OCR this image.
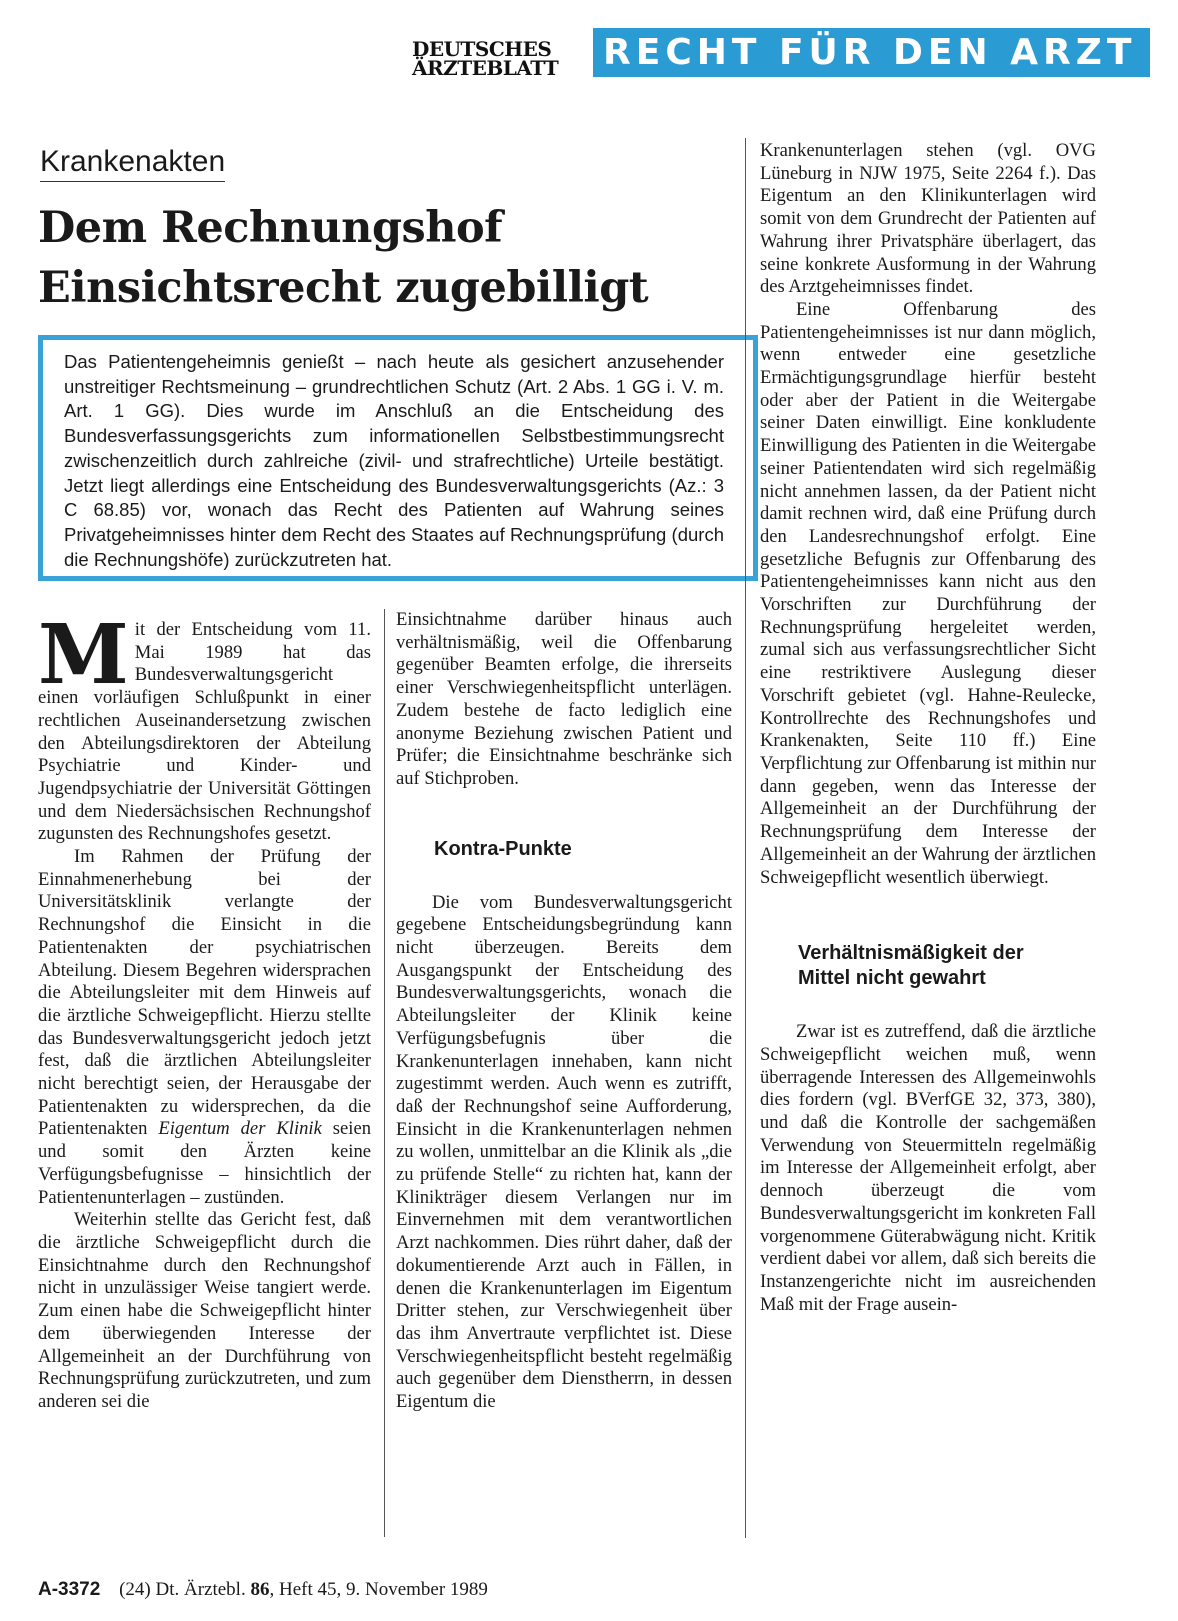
DEUTSCHES
ÄRZTEBLATT	RECHT FÜR DEN ARZT
Krankenakten
Dem Rechnungshof
Einsichtsrecht zugebilligt
Das Patientengeheimnis genießt – nach heute als gesichert anzusehender unstreitiger Rechtsmeinung – grundrechtlichen Schutz (Art. 2 Abs. 1 GG i. V. m. Art. 1 GG). Dies wurde im Anschluß an die Entscheidung des Bundesverfassungsgerichts zum informationellen Selbstbestimmungsrecht zwischenzeitlich durch zahlreiche (zivil- und strafrechtliche) Urteile bestätigt. Jetzt liegt allerdings eine Entscheidung des Bundesverwaltungsgerichts (Az.: 3 C 68.85) vor, wonach das Recht des Patienten auf Wahrung seines Privatgeheimnisses hinter dem Recht des Staates auf Rechnungsprüfung (durch die Rechnungshöfe) zurückzutreten hat.

Mit der Entscheidung vom 11. Mai 1989 hat das Bundesverwaltungsgericht einen vorläufigen Schlußpunkt in einer rechtlichen Auseinandersetzung zwischen den Abteilungsdirektoren der Abteilung Psychiatrie und Kinder- und Jugendpsychiatrie der Universität Göttingen und dem Niedersächsischen Rechnungshof zugunsten des Rechnungshofes gesetzt.

Im Rahmen der Prüfung der Einnahmenerhebung bei der Universitätsklinik verlangte der Rechnungshof die Einsicht in die Patientenakten der psychiatrischen Abteilung. Diesem Begehren widersprachen die Abteilungsleiter mit dem Hinweis auf die ärztliche Schweigepflicht. Hierzu stellte das Bundesverwaltungsgericht jedoch jetzt fest, daß die ärztlichen Abteilungsleiter nicht berechtigt seien, der Herausgabe der Patientenakten zu widersprechen, da die Patientenakten Eigentum der Klinik seien und somit den Ärzten keine Verfügungsbefugnisse – hinsichtlich der Patientenunterlagen – zustünden.

Weiterhin stellte das Gericht fest, daß die ärztliche Schweigepflicht durch die Einsichtnahme durch den Rechnungshof nicht in unzulässiger Weise tangiert werde. Zum einen habe die Schweigepflicht hinter dem überwiegenden Interesse der Allgemeinheit an der Durchführung von Rechnungsprüfung zurückzutreten, und zum anderen sei die

Einsichtnahme darüber hinaus auch verhältnismäßig, weil die Offenbarung gegenüber Beamten erfolge, die ihrerseits einer Verschwiegenheitspflicht unterlägen. Zudem bestehe de facto lediglich eine anonyme Beziehung zwischen Patient und Prüfer; die Einsichtnahme beschränke sich auf Stichproben.

Kontra-Punkte

Die vom Bundesverwaltungsgericht gegebene Entscheidungsbegründung kann nicht überzeugen. Bereits dem Ausgangspunkt der Entscheidung des Bundesverwaltungsgerichts, wonach die Abteilungsleiter der Klinik keine Verfügungsbefugnis über die Krankenunterlagen innehaben, kann nicht zugestimmt werden. Auch wenn es zutrifft, daß der Rechnungshof seine Aufforderung, Einsicht in die Krankenunterlagen nehmen zu wollen, unmittelbar an die Klinik als „die zu prüfende Stelle“ zu richten hat, kann der Klinikträger diesem Verlangen nur im Einvernehmen mit dem verantwortlichen Arzt nachkommen. Dies rührt daher, daß der dokumentierende Arzt auch in Fällen, in denen die Krankenunterlagen im Eigentum Dritter stehen, zur Verschwiegenheit über das ihm Anvertraute verpflichtet ist. Diese Verschwiegenheitspflicht besteht regelmäßig auch gegenüber dem Dienstherrn, in dessen Eigentum die

Krankenunterlagen stehen (vgl. OVG Lüneburg in NJW 1975, Seite 2264 f.). Das Eigentum an den Klinikunterlagen wird somit von dem Grundrecht der Patienten auf Wahrung ihrer Privatsphäre überlagert, das seine konkrete Ausformung in der Wahrung des Arztgeheimnisses findet.

Eine Offenbarung des Patientengeheimnisses ist nur dann möglich, wenn entweder eine gesetzliche Ermächtigungsgrundlage hierfür besteht oder aber der Patient in die Weitergabe seiner Daten einwilligt. Eine konkludente Einwilligung des Patienten in die Weitergabe seiner Patientendaten wird sich regelmäßig nicht annehmen lassen, da der Patient nicht damit rechnen wird, daß eine Prüfung durch den Landesrechnungshof erfolgt. Eine gesetzliche Befugnis zur Offenbarung des Patientengeheimnisses kann nicht aus den Vorschriften zur Durchführung der Rechnungsprüfung hergeleitet werden, zumal sich aus verfassungsrechtlicher Sicht eine restriktivere Auslegung dieser Vorschrift gebietet (vgl. Hahne-Reulecke, Kontrollrechte des Rechnungshofes und Krankenakten, Seite 110 ff.) Eine Verpflichtung zur Offenbarung ist mithin nur dann gegeben, wenn das Interesse der Allgemeinheit an der Durchführung der Rechnungsprüfung dem Interesse der Allgemeinheit an der Wahrung der ärztlichen Schweigepflicht wesentlich überwiegt.

Verhältnismäßigkeit der
Mittel nicht gewahrt

Zwar ist es zutreffend, daß die ärztliche Schweigepflicht weichen muß, wenn überragende Interessen des Allgemeinwohls dies fordern (vgl. BVerfGE 32, 373, 380), und daß die Kontrolle der sachgemäßen Verwendung von Steuermitteln regelmäßig im Interesse der Allgemeinheit erfolgt, aber dennoch überzeugt die vom Bundesverwaltungsgericht im konkreten Fall vorgenommene Güterabwägung nicht. Kritik verdient dabei vor allem, daß sich bereits die Instanzengerichte nicht im ausreichenden Maß mit der Frage ausein-

A-3372 (24) Dt. Ärztebl. 86, Heft 45, 9. November 1989
